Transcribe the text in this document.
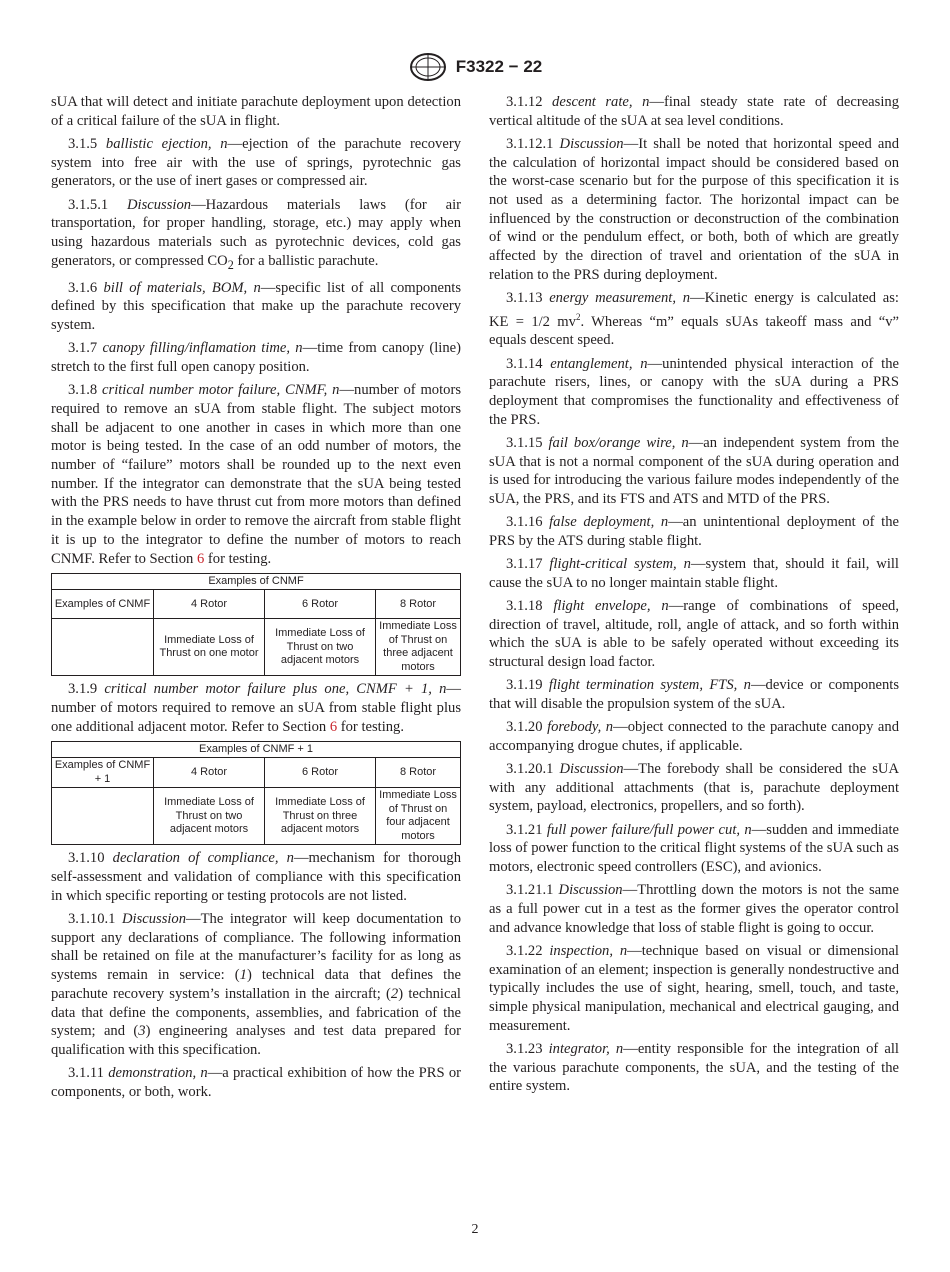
F3322 − 22

sUA that will detect and initiate parachute deployment upon detection of a critical failure of the sUA in flight.

3.1.5 ballistic ejection, n—ejection of the parachute recovery system into free air with the use of springs, pyrotechnic gas generators, or the use of inert gases or compressed air.

3.1.5.1 Discussion—Hazardous materials laws (for air transportation, for proper handling, storage, etc.) may apply when using hazardous materials such as pyrotechnic devices, cold gas generators, or compressed $CO_2$ for a ballistic parachute.

3.1.6 bill of materials, BOM, n—specific list of all components defined by this specification that make up the parachute recovery system.

3.1.7 canopy filling/inflamation time, n—time from canopy (line) stretch to the first full open canopy position.

3.1.8 critical number motor failure, CNMF, n—number of motors required to remove an sUA from stable flight. The subject motors shall be adjacent to one another in cases in which more than one motor is being tested. In the case of an odd number of motors, the number of “failure” motors shall be rounded up to the next even number. If the integrator can demonstrate that the sUA being tested with the PRS needs to have thrust cut from more motors than defined in the example below in order to remove the aircraft from stable flight it is up to the integrator to define the number of motors to reach CNMF. Refer to Section 6 for testing.

Examples of CNMF			
Examples of CNMF	4 Rotor	6 Rotor	8 Rotor
	Immediate Loss of Thrust on one motor	Immediate Loss of Thrust on two adjacent motors	Immediate Loss of Thrust on three adjacent motors

3.1.9 critical number motor failure plus one, CNMF + 1, n—number of motors required to remove an sUA from stable flight plus one additional adjacent motor. Refer to Section 6 for testing.

Examples of CNMF + 1			
Examples of CNMF + 1	4 Rotor	6 Rotor	8 Rotor
	Immediate Loss of Thrust on two adjacent motors	Immediate Loss of Thrust on three adjacent motors	Immediate Loss of Thrust on four adjacent motors

3.1.10 declaration of compliance, n—mechanism for thorough self-assessment and validation of compliance with this specification in which specific reporting or testing protocols are not listed.

3.1.10.1 Discussion—The integrator will keep documentation to support any declarations of compliance. The following information shall be retained on file at the manufacturer’s facility for as long as systems remain in service: (1) technical data that defines the parachute recovery system’s installation in the aircraft; (2) technical data that define the components, assemblies, and fabrication of the system; and (3) engineering analyses and test data prepared for qualification with this specification.

3.1.11 demonstration, n—a practical exhibition of how the PRS or components, or both, work.

3.1.12 descent rate, n—final steady state rate of decreasing vertical altitude of the sUA at sea level conditions.

3.1.12.1 Discussion—It shall be noted that horizontal speed and the calculation of horizontal impact should be considered based on the worst-case scenario but for the purpose of this specification it is not used as a determining factor. The horizontal impact can be influenced by the construction or deconstruction of the combination of wind or the pendulum effect, or both, both of which are greatly affected by the direction of travel and orientation of the sUA in relation to the PRS during deployment.

3.1.13 energy measurement, n—Kinetic energy is calculated as: KE = 1/2 $mv^2$. Whereas “m” equals sUAs takeoff mass and “v” equals descent speed.

3.1.14 entanglement, n—unintended physical interaction of the parachute risers, lines, or canopy with the sUA during a PRS deployment that compromises the functionality and effectiveness of the PRS.

3.1.15 fail box/orange wire, n—an independent system from the sUA that is not a normal component of the sUA during operation and is used for introducing the various failure modes independently of the sUA, the PRS, and its FTS and ATS and MTD of the PRS.

3.1.16 false deployment, n—an unintentional deployment of the PRS by the ATS during stable flight.

3.1.17 flight-critical system, n—system that, should it fail, will cause the sUA to no longer maintain stable flight.

3.1.18 flight envelope, n—range of combinations of speed, direction of travel, altitude, roll, angle of attack, and so forth within which the sUA is able to be safely operated without exceeding its structural design load factor.

3.1.19 flight termination system, FTS, n—device or components that will disable the propulsion system of the sUA.

3.1.20 forebody, n—object connected to the parachute canopy and accompanying drogue chutes, if applicable.

3.1.20.1 Discussion—The forebody shall be considered the sUA with any additional attachments (that is, parachute deployment system, payload, electronics, propellers, and so forth).

3.1.21 full power failure/full power cut, n—sudden and immediate loss of power function to the critical flight systems of the sUA such as motors, electronic speed controllers (ESC), and avionics.

3.1.21.1 Discussion—Throttling down the motors is not the same as a full power cut in a test as the former gives the operator control and advance knowledge that loss of stable flight is going to occur.

3.1.22 inspection, n—technique based on visual or dimensional examination of an element; inspection is generally nondestructive and typically includes the use of sight, hearing, smell, touch, and taste, simple physical manipulation, mechanical and electrical gauging, and measurement.

3.1.23 integrator, n—entity responsible for the integration of all the various parachute components, the sUA, and the testing of the entire system.

2
